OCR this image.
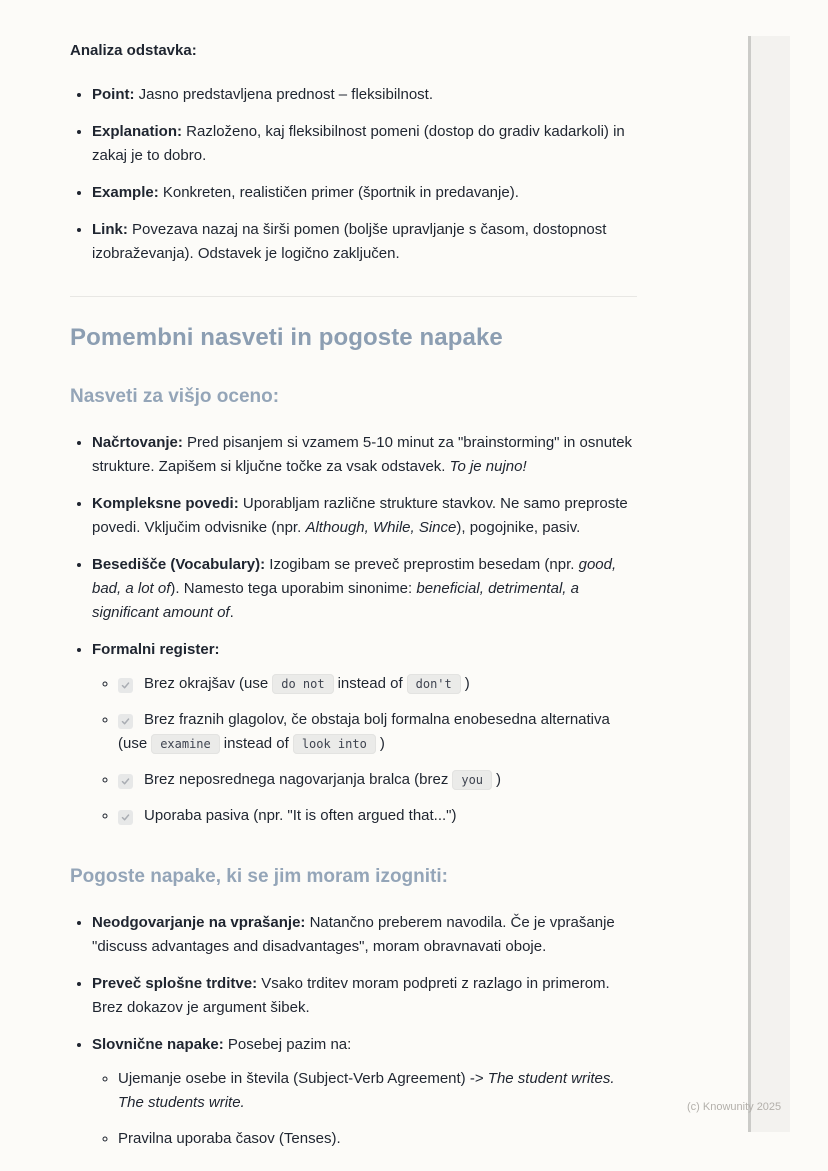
Analiza odstavka:

• Point: Jasno predstavljena prednost – fleksibilnost.
• Explanation: Razloženo, kaj fleksibilnost pomeni (dostop do gradiv kadarkoli) in zakaj je to dobro.
• Example: Konkreten, realističen primer (športnik in predavanje).
• Link: Povezava nazaj na širši pomen (boljše upravljanje s časom, dostopnost izobraževanja). Odstavek je logično zaključen.
Pomembni nasveti in pogoste napake
Nasveti za višjo oceno:
• Načrtovanje: Pred pisanjem si vzamem 5-10 minut za "brainstorming" in osnutek strukture. Zapišem si ključne točke za vsak odstavek. To je nujno!
• Kompleksne povedi: Uporabljam različne strukture stavkov. Ne samo preproste povedi. Vključim odvisnike (npr. Although, While, Since), pogojnike, pasiv.
• Besedišče (Vocabulary): Izogibam se preveč preprostim besedam (npr. good, bad, a lot of). Namesto tega uporabim sinonime: beneficial, detrimental, a significant amount of.
• Formalni register:
◦ Brez okrajšav (use do not instead of don't )
◦ Brez fraznih glagolov, če obstaja bolj formalna enobesedna alternativa (use examine instead of look into )
◦ Brez neposrednega nagovarjanja bralca (brez you )
◦ Uporaba pasiva (npr. "It is often argued that...")
Pogoste napake, ki se jim moram izogniti:
• Neodgovarjanje na vprašanje: Natančno preberem navodila. Če je vprašanje "discuss advantages and disadvantages", moram obravnavati oboje.
• Preveč splošne trditve: Vsako trditev moram podpreti z razlago in primerom. Brez dokazov je argument šibek.
• Slovnične napake: Posebej pazim na:
◦ Ujemanje osebe in števila (Subject-Verb Agreement) -> The student writes. The students write.
◦ Pravilna uporaba časov (Tenses).
(c) Knowunity 2025
